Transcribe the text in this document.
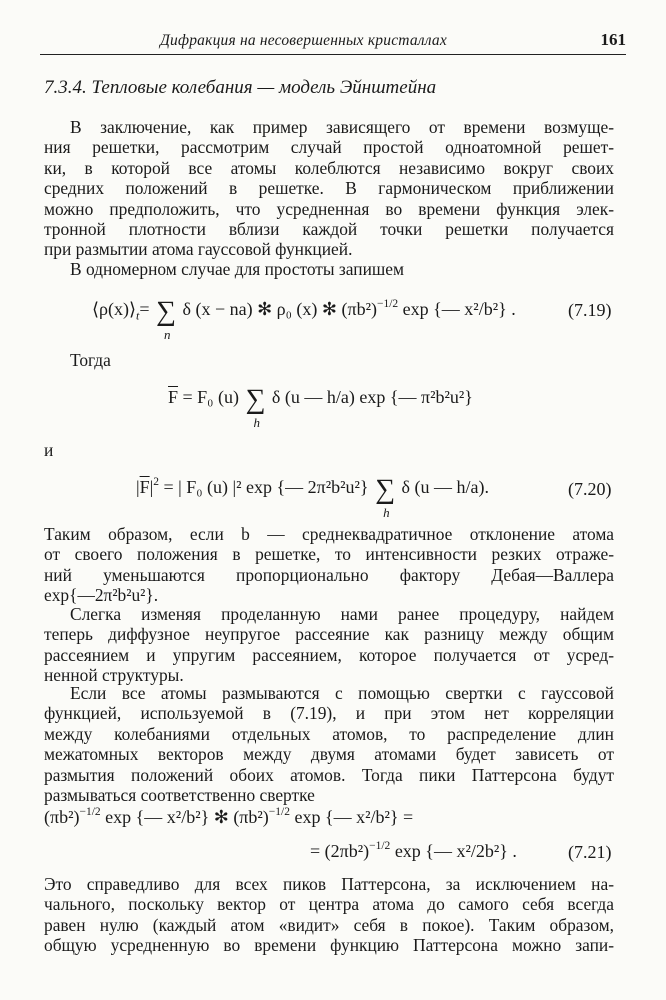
Дифракция на несовершенных кристаллах	161
7.3.4. Тепловые колебания — модель Эйнштейна

В заключение, как пример зависящего от времени возмуще-
ния решетки, рассмотрим случай простой одноатомной решет-
ки, в которой все атомы колеблются независимо вокруг своих
средних положений в решетке. В гармоническом приближении
можно предположить, что усредненная во времени функция элек-
тронной плотности вблизи каждой точки решетки получается
при размытии атома гауссовой функцией.

В одномерном случае для простоты запишем

$⟨\rho(x)⟩_t=$ ∑
n
δ (x − na) ✻ ρ₀ (x) ✻ $(\pi b^2)^{-1/2}$ exp {— x²/b²} .	(7.19)
Тогда
$\overline{F} = F_0$ (u) ∑
h
δ (u — h/a) exp {— π²b²u²}
и
$|\overline{F}|^2$ = | F₀ (u) |² exp {— 2π²b²u²} ∑
h
δ (u — h/a).	(7.20)

Таким образом, если b — среднеквадратичное отклонение атома
от своего положения в решетке, то интенсивности резких отраже-
ний уменьшаются пропорционально фактору Дебая—Валлера
exp{—2π²b²u²}.

Слегка изменяя проделанную нами ранее процедуру, найдем
теперь диффузное неупругое рассеяние как разницу между общим
рассеянием и упругим рассеянием, которое получается от усред-
ненной структуры.

Если все атомы размываются с помощью свертки с гауссовой
функцией, используемой в (7.19), и при этом нет корреляции
между колебаниями отдельных атомов, то распределение длин
межатомных векторов между двумя атомами будет зависеть от
размытия положений обоих атомов. Тогда пики Паттерсона будут
размываться соответственно свертке

$(\pi b^2)^{-1/2}$ exp {— x²/b²} ✻ $(\pi b^2)^{-1/2}$ exp {— x²/b²} =
= $(2\pi b^2)^{-1/2}$ exp {— x²/2b²} .	(7.21)

Это справедливо для всех пиков Паттерсона, за исключением на-
чального, поскольку вектор от центра атома до самого себя всегда
равен нулю (каждый атом «видит» себя в покое). Таким образом,
общую усредненную во времени функцию Паттерсона можно запи-
